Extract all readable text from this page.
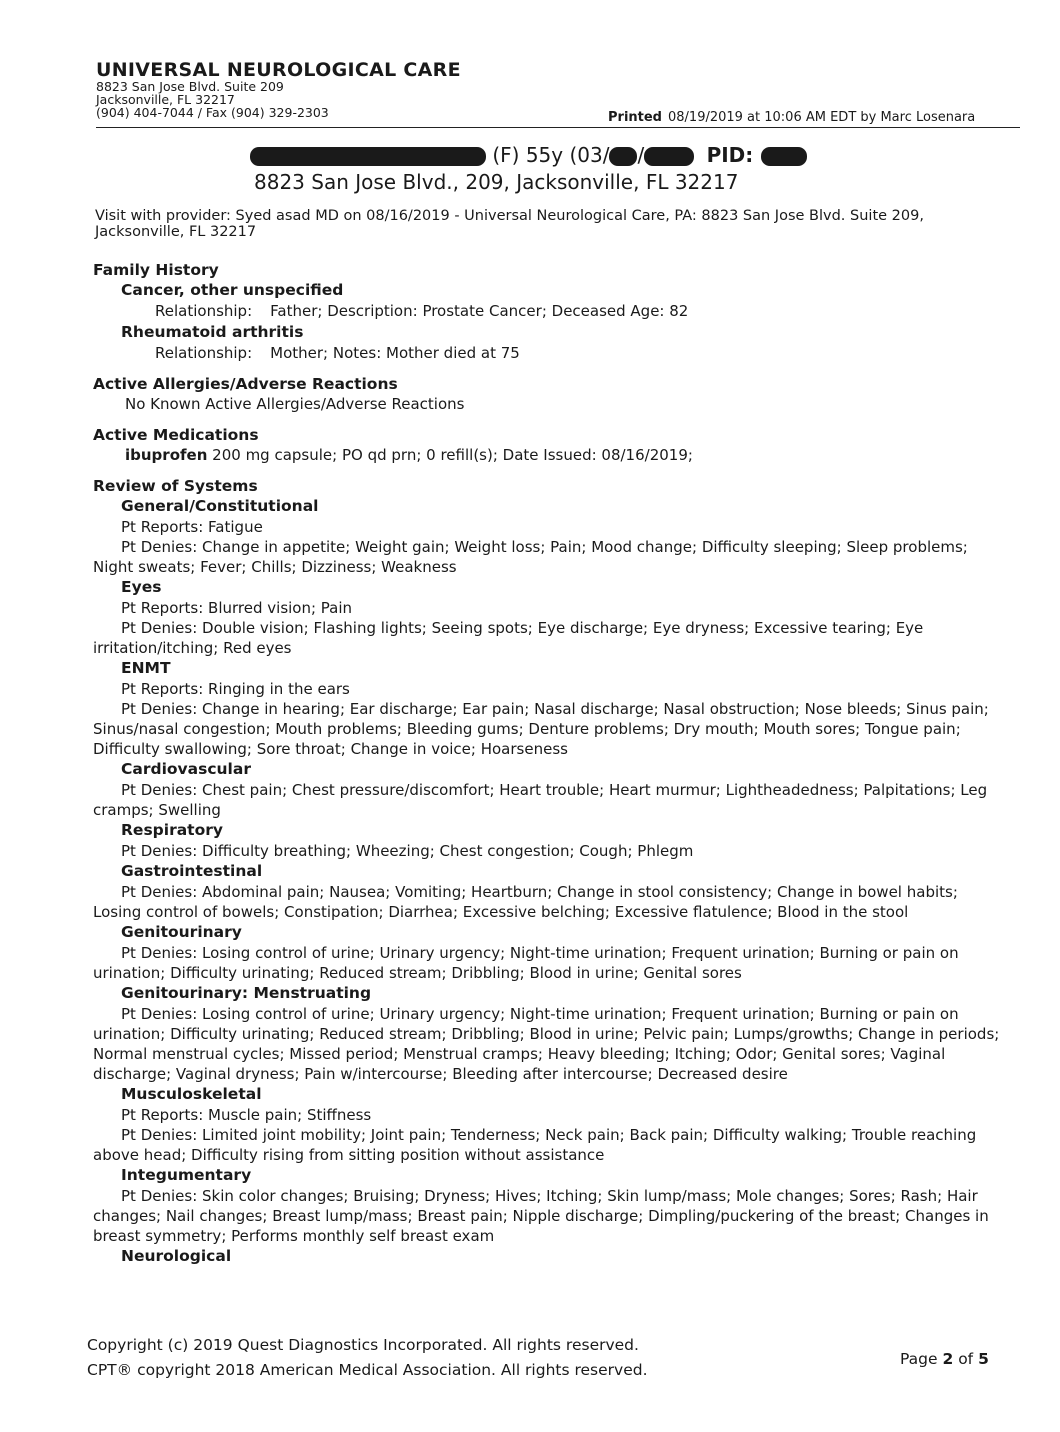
UNIVERSAL NEUROLOGICAL CARE
8823 San Jose Blvd. Suite 209
Jacksonville, FL 32217
(904) 404-7044 / Fax (904) 329-2303	Printed 08/19/2019 at 10:06 AM EDT by Marc Losenara
(F) 55y (03/ /	PID:
8823 San Jose Blvd., 209, Jacksonville, FL 32217
Visit with provider: Syed asad MD on 08/16/2019 - Universal Neurological Care, PA: 8823 San Jose Blvd. Suite 209, Jacksonville, FL 32217
Family History
Cancer, other unspecified
Relationship: Father; Description: Prostate Cancer; Deceased Age: 82
Rheumatoid arthritis
Relationship: Mother; Notes: Mother died at 75
Active Allergies/Adverse Reactions
No Known Active Allergies/Adverse Reactions
Active Medications
ibuprofen 200 mg capsule; PO qd prn; 0 refill(s); Date Issued: 08/16/2019;
Review of Systems
General/Constitutional
Pt Reports: Fatigue
Pt Denies: Change in appetite; Weight gain; Weight loss; Pain; Mood change; Difficulty sleeping; Sleep problems; Night sweats; Fever; Chills; Dizziness; Weakness
Eyes
Pt Reports: Blurred vision; Pain
Pt Denies: Double vision; Flashing lights; Seeing spots; Eye discharge; Eye dryness; Excessive tearing; Eye irritation/itching; Red eyes
ENMT
Pt Reports: Ringing in the ears
Pt Denies: Change in hearing; Ear discharge; Ear pain; Nasal discharge; Nasal obstruction; Nose bleeds; Sinus pain; Sinus/nasal congestion; Mouth problems; Bleeding gums; Denture problems; Dry mouth; Mouth sores; Tongue pain; Difficulty swallowing; Sore throat; Change in voice; Hoarseness
Cardiovascular
Pt Denies: Chest pain; Chest pressure/discomfort; Heart trouble; Heart murmur; Lightheadedness; Palpitations; Leg cramps; Swelling
Respiratory
Pt Denies: Difficulty breathing; Wheezing; Chest congestion; Cough; Phlegm
Gastrointestinal
Pt Denies: Abdominal pain; Nausea; Vomiting; Heartburn; Change in stool consistency; Change in bowel habits; Losing control of bowels; Constipation; Diarrhea; Excessive belching; Excessive flatulence; Blood in the stool
Genitourinary
Pt Denies: Losing control of urine; Urinary urgency; Night-time urination; Frequent urination; Burning or pain on urination; Difficulty urinating; Reduced stream; Dribbling; Blood in urine; Genital sores
Genitourinary: Menstruating
Pt Denies: Losing control of urine; Urinary urgency; Night-time urination; Frequent urination; Burning or pain on urination; Difficulty urinating; Reduced stream; Dribbling; Blood in urine; Pelvic pain; Lumps/growths; Change in periods; Normal menstrual cycles; Missed period; Menstrual cramps; Heavy bleeding; Itching; Odor; Genital sores; Vaginal discharge; Vaginal dryness; Pain w/intercourse; Bleeding after intercourse; Decreased desire
Musculoskeletal
Pt Reports: Muscle pain; Stiffness
Pt Denies: Limited joint mobility; Joint pain; Tenderness; Neck pain; Back pain; Difficulty walking; Trouble reaching above head; Difficulty rising from sitting position without assistance
Integumentary
Pt Denies: Skin color changes; Bruising; Dryness; Hives; Itching; Skin lump/mass; Mole changes; Sores; Rash; Hair changes; Nail changes; Breast lump/mass; Breast pain; Nipple discharge; Dimpling/puckering of the breast; Changes in breast symmetry; Performs monthly self breast exam
Neurological
Copyright (c) 2019 Quest Diagnostics Incorporated. All rights reserved.
CPT® copyright 2018 American Medical Association. All rights reserved.
Page 2 of 5
